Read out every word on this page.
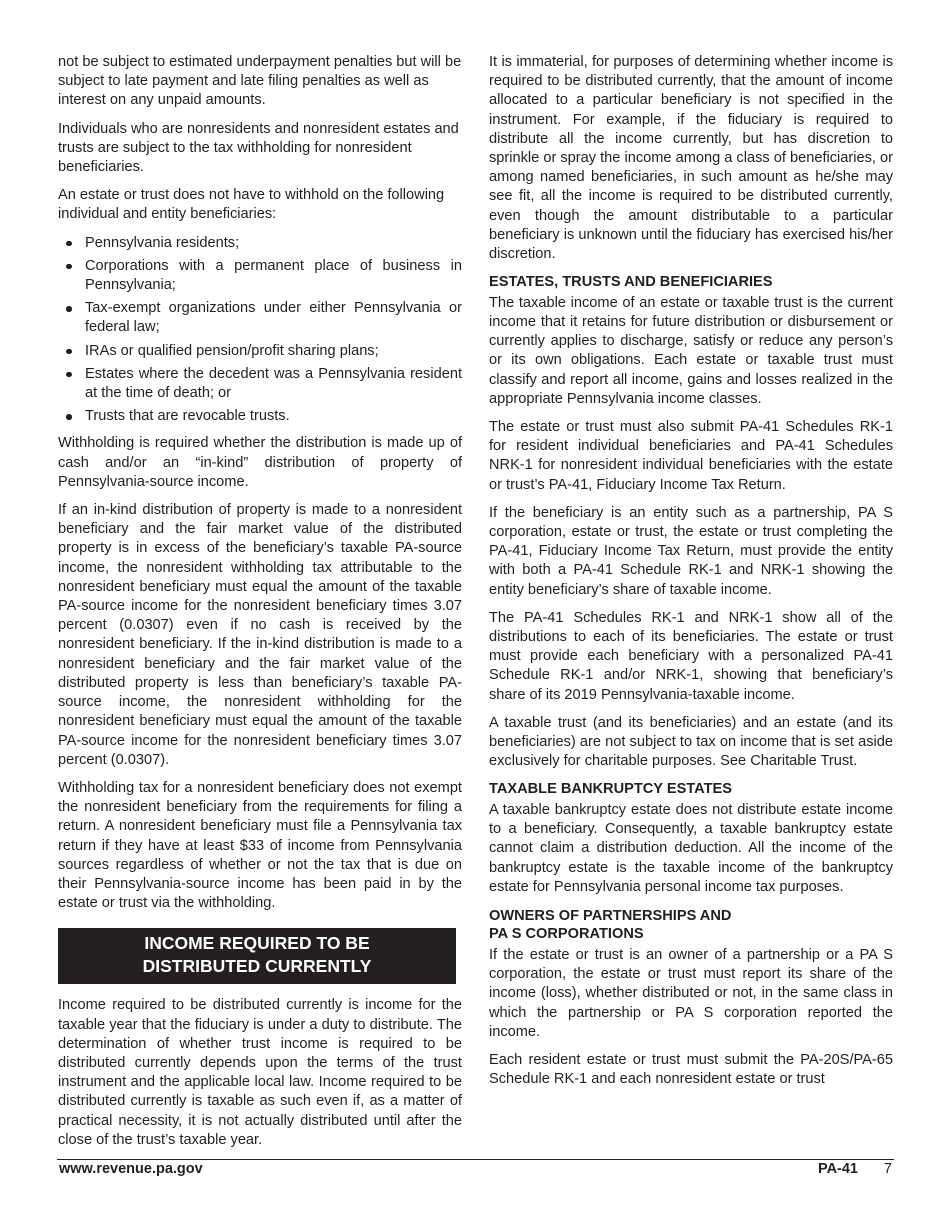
not be subject to estimated underpayment penalties but will be subject to late payment and late filing penalties as well as interest on any unpaid amounts.

Individuals who are nonresidents and nonresident estates and trusts are subject to the tax withholding for nonresident beneficiaries.

An estate or trust does not have to withhold on the following individual and entity beneficiaries:

Pennsylvania residents;
Corporations with a permanent place of business in Pennsylvania;
Tax-exempt organizations under either Pennsylvania or federal law;
IRAs or qualified pension/profit sharing plans;
Estates where the decedent was a Pennsylvania resident at the time of death; or
Trusts that are revocable trusts.

Withholding is required whether the distribution is made up of cash and/or an “in-kind” distribution of property of Pennsylvania-source income.

If an in-kind distribution of property is made to a nonresident beneficiary and the fair market value of the distributed property is in excess of the beneficiary’s taxable PA-source income, the nonresident withholding tax attributable to the nonresident beneficiary must equal the amount of the taxable PA-source income for the nonresident beneficiary times 3.07 percent (0.0307) even if no cash is received by the nonresident beneficiary. If the in-kind distribution is made to a nonresident beneficiary and the fair market value of the distributed property is less than beneficiary’s taxable PA-source income, the nonresident withholding for the nonresident beneficiary must equal the amount of the taxable PA-source income for the nonresident beneficiary times 3.07 percent (0.0307).

Withholding tax for a nonresident beneficiary does not exempt the nonresident beneficiary from the requirements for filing a return. A nonresident beneficiary must file a Pennsylvania tax return if they have at least $33 of income from Pennsylvania sources regardless of whether or not the tax that is due on their Pennsylvania-source income has been paid in by the estate or trust via the withholding.

INCOME REQUIRED TO BE
DISTRIBUTED CURRENTLY

Income required to be distributed currently is income for the taxable year that the fiduciary is under a duty to distribute. The determination of whether trust income is required to be distributed currently depends upon the terms of the trust instrument and the applicable local law. Income required to be distributed currently is taxable as such even if, as a matter of practical necessity, it is not actually distributed until after the close of the trust’s taxable year.

It is immaterial, for purposes of determining whether income is required to be distributed currently, that the amount of income allocated to a particular beneficiary is not specified in the instrument. For example, if the fiduciary is required to distribute all the income currently, but has discretion to sprinkle or spray the income among a class of beneficiaries, or among named beneficiaries, in such amount as he/she may see fit, all the income is required to be distributed currently, even though the amount distributable to a particular beneficiary is unknown until the fiduciary has exercised his/her discretion.

ESTATES, TRUSTS AND BENEFICIARIES

The taxable income of an estate or taxable trust is the current income that it retains for future distribution or disbursement or currently applies to discharge, satisfy or reduce any person’s or its own obligations. Each estate or taxable trust must classify and report all income, gains and losses realized in the appropriate Pennsylvania income classes.

The estate or trust must also submit PA-41 Schedules RK-1 for resident individual beneficiaries and PA-41 Schedules NRK-1 for nonresident individual beneficiaries with the estate or trust’s PA-41, Fiduciary Income Tax Return.

If the beneficiary is an entity such as a partnership, PA S corporation, estate or trust, the estate or trust completing the PA-41, Fiduciary Income Tax Return, must provide the entity with both a PA-41 Schedule RK-1 and NRK-1 showing the entity beneficiary’s share of taxable income.

The PA-41 Schedules RK-1 and NRK-1 show all of the distributions to each of its beneficiaries. The estate or trust must provide each beneficiary with a personalized PA-41 Schedule RK-1 and/or NRK-1, showing that beneficiary’s share of its 2019 Pennsylvania-taxable income.

A taxable trust (and its beneficiaries) and an estate (and its beneficiaries) are not subject to tax on income that is set aside exclusively for charitable purposes. See Charitable Trust.

TAXABLE BANKRUPTCY ESTATES

A taxable bankruptcy estate does not distribute estate income to a beneficiary. Consequently, a taxable bankruptcy estate cannot claim a distribution deduction. All the income of the bankruptcy estate is the taxable income of the bankruptcy estate for Pennsylvania personal income tax purposes.

OWNERS OF PARTNERSHIPS AND
PA S CORPORATIONS

If the estate or trust is an owner of a partnership or a PA S corporation, the estate or trust must report its share of the income (loss), whether distributed or not, in the same class in which the partnership or PA S corporation reported the income.

Each resident estate or trust must submit the PA-20S/PA-65 Schedule RK-1 and each nonresident estate or trust

www.revenue.pa.gov	PA-41 7
